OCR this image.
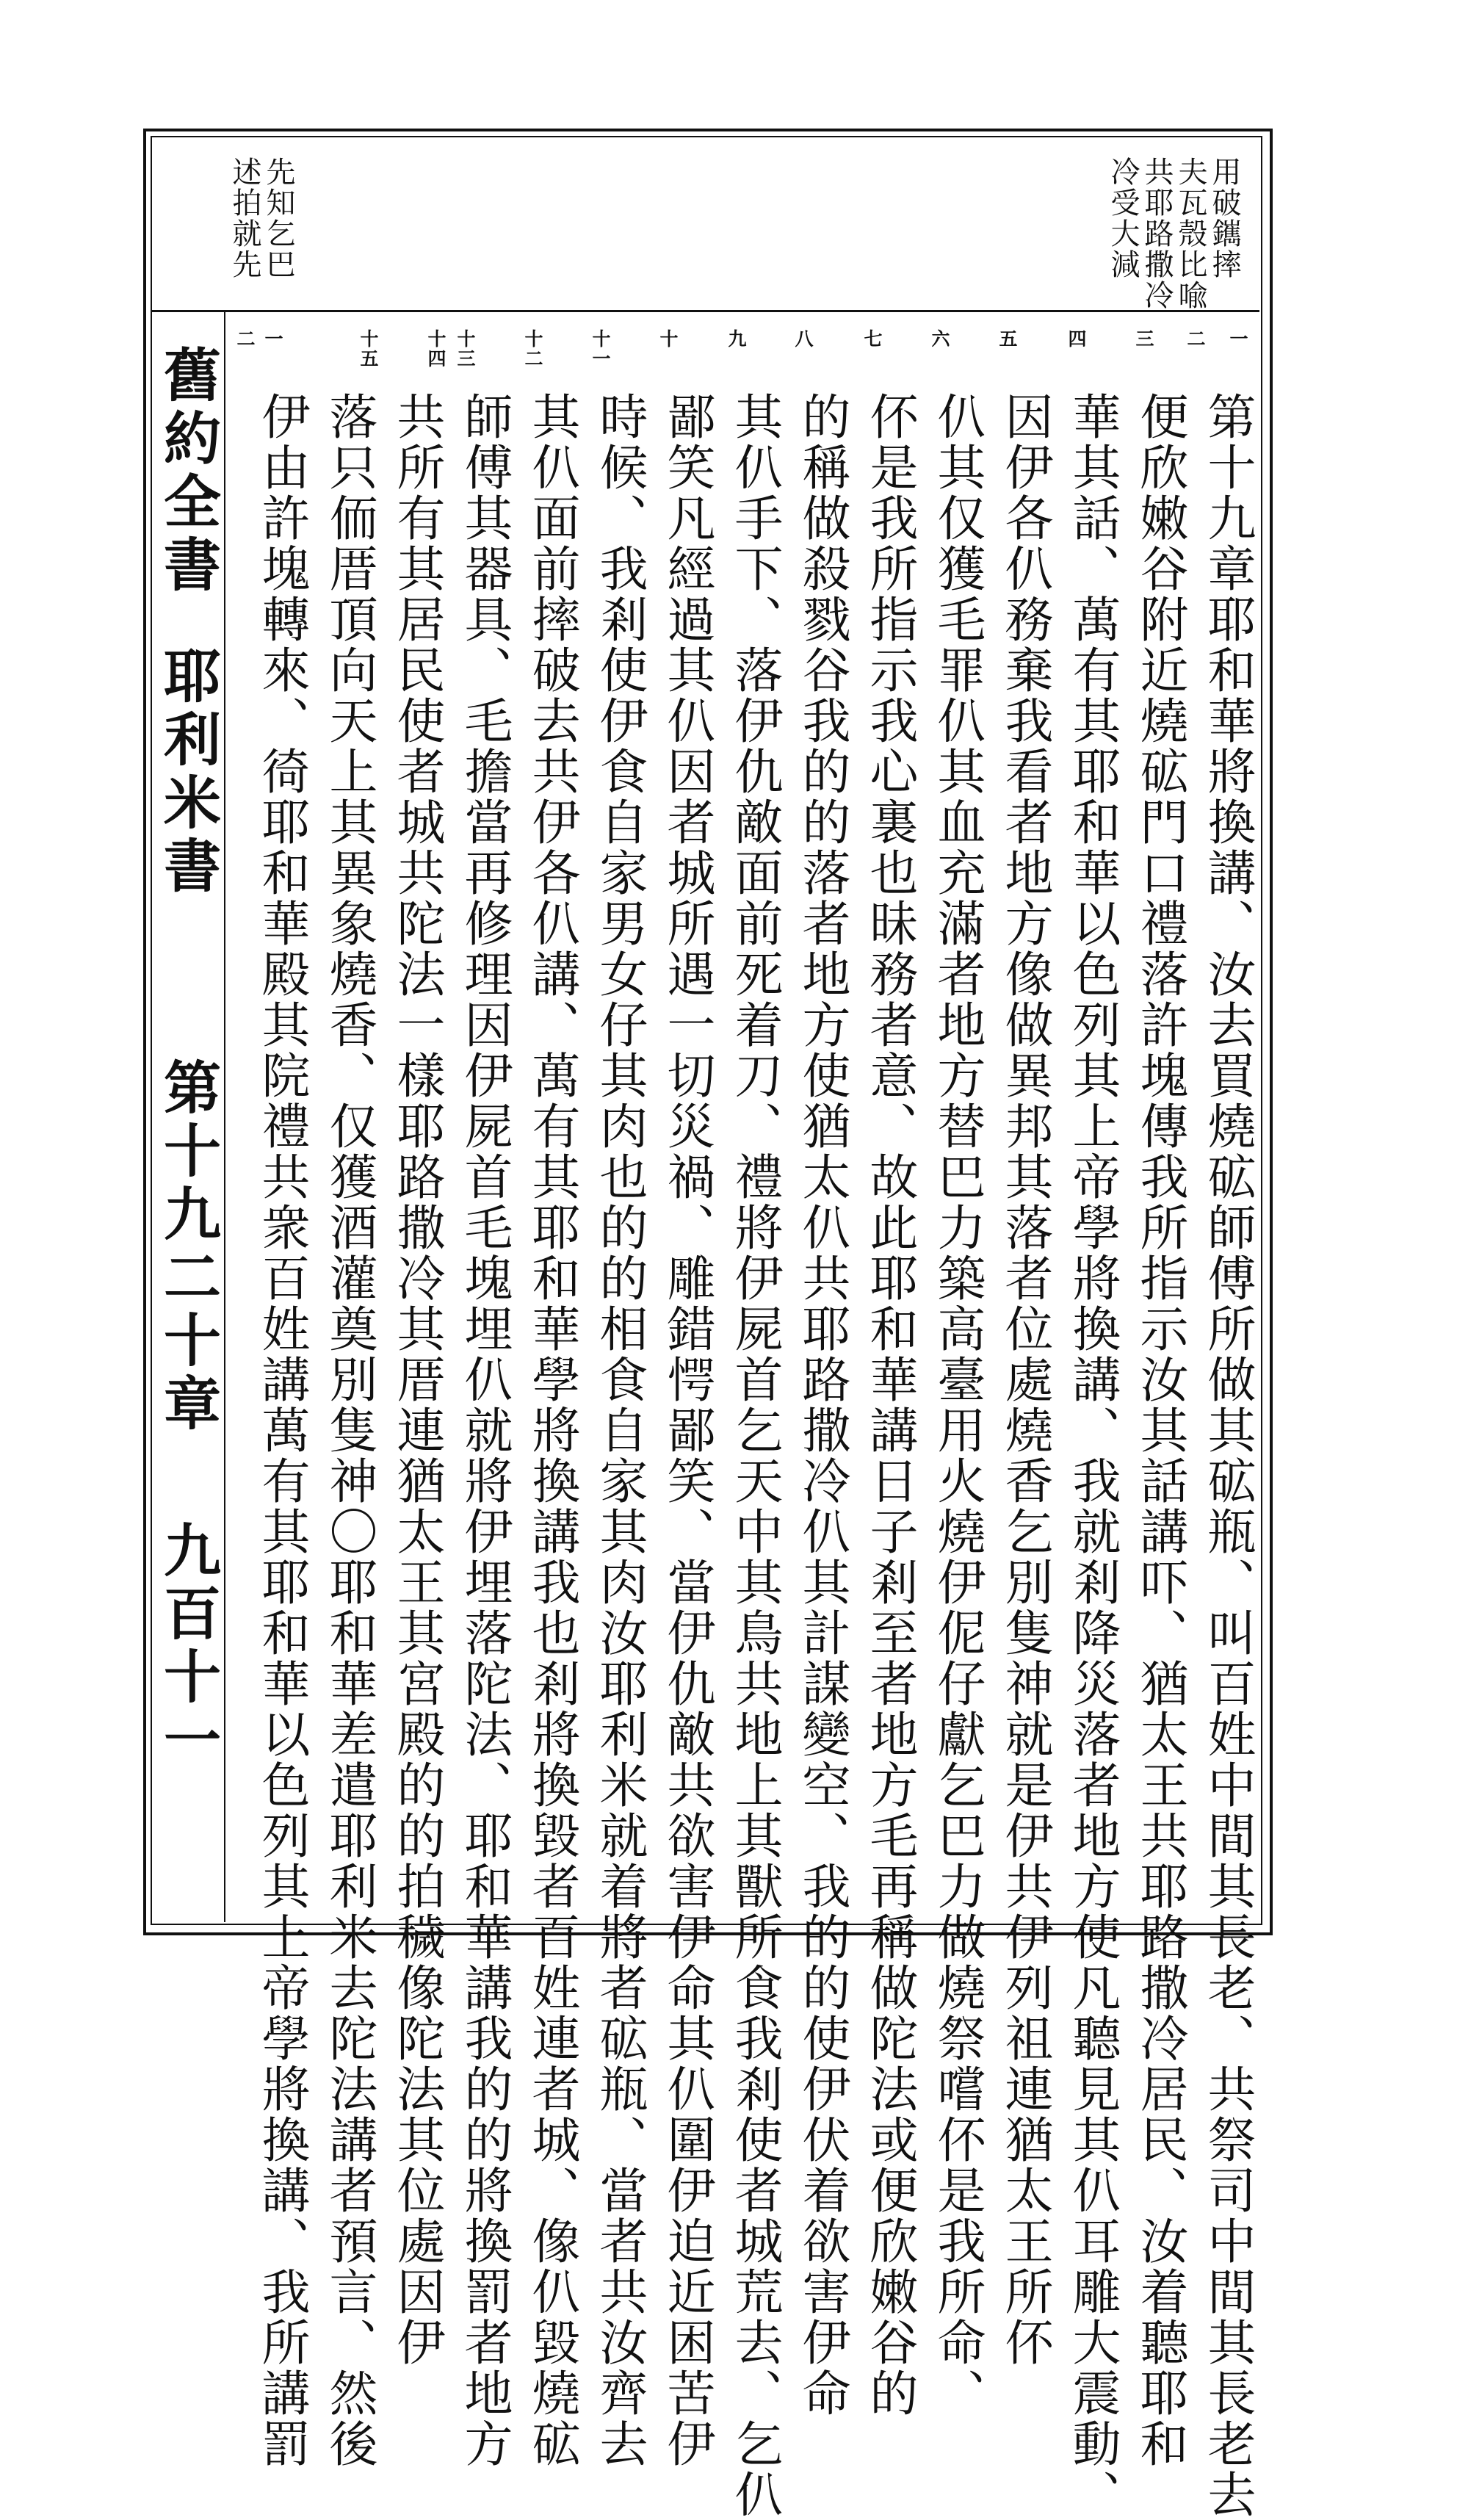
用破䥴摔
夫瓦殼比喩
共耶路撒冷
冷受大減
先知乞巴
述拍就先
一
二
三
四
五
六
七
八
九
十
十一
十二
十三
十四
十五
一
二
第十九章耶和華將換講、汝去買燒砿師傅所做其砿瓶、叫百姓中間其長老、共祭司中間其長老去
便欣嫩谷附近燒砿門口禮落許塊傳我所指示汝其話講吓、猶太王共耶路撒冷居民、汝着聽耶和
華其話、萬有其耶和華以色列其上帝學將換講、我就剎降災落者地方使凡聽見其仈耳雕大震動、
因伊各仈務棄我看者地方像做異邦其落者位處燒香乞別隻神就是伊共伊列祖連猶太王所伓
仈其仅獲毛罪仈其血充滿者地方替巴力築高臺用火燒伊伲仔獻乞巴力做燒祭嚐伓是我所命、
伓是我所指示我心裏也昧務者意、故此耶和華講日子剎至者地方毛再稱做陀法或便欣嫩谷的
的稱做殺戮谷我的的落者地方使猶太仈共耶路撒冷仈其計謀變空、我的的使伊伏着欲害伊命
其仈手下、落伊仇敵面前死着刀、禮將伊屍首乞天中其鳥共地上其獸所食我剎使者城荒去、乞仈
鄙笑凡經過其仈因者城所遇一切災禍、雕錯愕鄙笑、當伊仇敵共欲害伊命其仈圍伊迫近困苦伊
時候、我剎使伊食自家男女仔其肉也的的相食自家其肉汝耶利米就着將者砿瓶、當者共汝齊去
其仈面前摔破去共伊各仈講、萬有其耶和華學將換講我也剎將換毀者百姓連者城、像仈毀燒砿
師傅其器具、毛擔當再修理因伊屍首毛塊埋仈就將伊埋落陀法、耶和華講我的的將換罰者地方
共所有其居民使者城共陀法一樣耶路撒冷其厝連猶太王其宮殿的的拍穢像陀法其位處因伊
落只侕厝頂向天上其異象燒香、仅獲酒灌奠別隻神〇耶和華差遣耶利米去陀法講者預言、然後
伊由許塊轉來、徛耶和華殿其院禮共衆百姓講萬有其耶和華以色列其上帝學將換講、我所講罰
舊約全書
耶利米書
第十九二十章
九百十一
